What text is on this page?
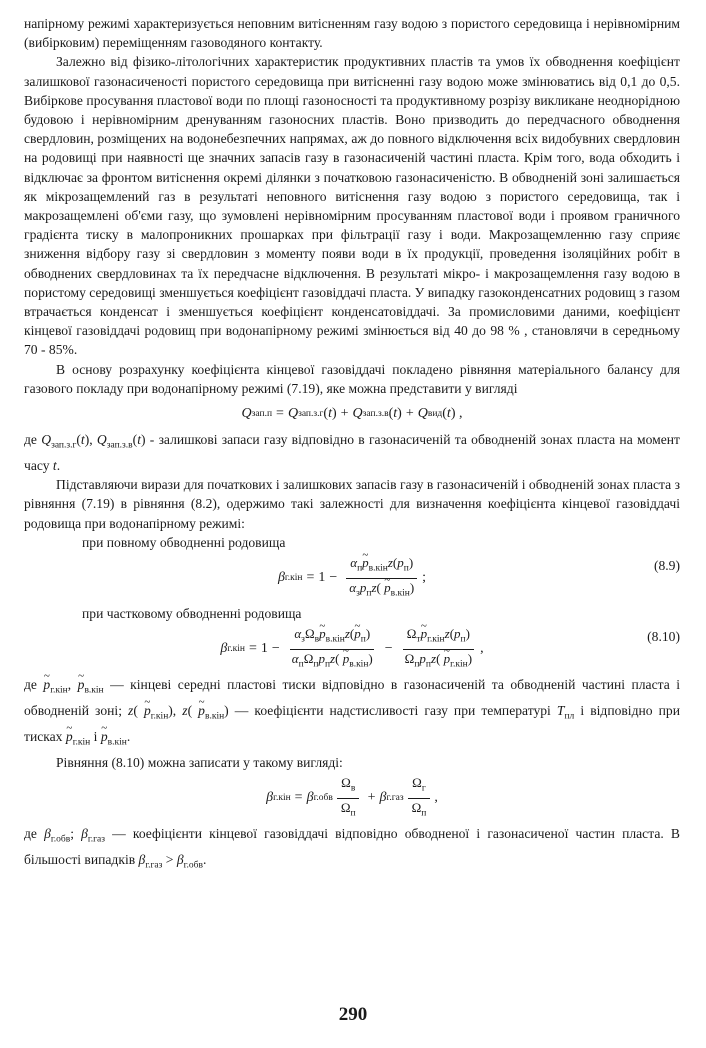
напірному режимі характеризується неповним витісненням газу водою з пористого середовища і нерівномірним (вибірковим) переміщенням газоводяного контакту.

Залежно від фізико-літологічних характеристик продуктивних пластів та умов їх обводнення коефіцієнт залишкової газонасиченості пористого середовища при витісненні газу водою може змінюватись від 0,1 до 0,5. Вибіркове просування пластової води по площі газоносності та продуктивному розрізу викликане неоднорідною будовою і нерівномірним дренуванням газоносних пластів. Воно призводить до передчасного обводнення свердловин, розміщених на водонебезпечних напрямах, аж до повного відключення всіх видобувних свердловин на родовищі при наявності ще значних запасів газу в газонасиченій частині пласта. Крім того, вода обходить і відключає за фронтом витіснення окремі ділянки з початковою газонасиченістю. В обводненій зоні залишається як мікрозащемлений газ в результаті неповного витіснення газу водою з пористого середовища, так і макрозащемлені об'єми газу, що зумовлені нерівномірним просуванням пластової води і проявом граничного градієнта тиску в малопроникних прошарках при фільтрації газу і води. Макрозащемленню газу сприяє зниження відбору газу зі свердловин з моменту появи води в їх продукції, проведення ізоляційних робіт в обводнених свердловинах та їх передчасне відключення. В результаті мікро- і макрозащемлення газу водою в пористому середовищі зменшується коефіцієнт газовіддачі пласта. У випадку газоконденсатних родовищ з газом втрачається конденсат і зменшується коефіцієнт конденсатовіддачі. За промисловими даними, коефіцієнт кінцевої газовіддачі родовищ при водонапірному режимі змінюється від 40 до 98 % , становлячи в середньому 70 - 85%.

В основу розрахунку коефіцієнта кінцевої газовіддачі покладено рівняння матеріального балансу для газового покладу при водонапірному режимі (7.19), яке можна представити у вигляді

Q зап.п = Q зап.з.г ( t ) + Q зап.з.в ( t ) + Q вид ( t ) ,

де $Q_{зап.з.г}(t)$, $Q_{зап.з.в}(t)$ - залишкові запаси газу відповідно в газонасиченій та обводненій зонах пласта на момент часу t.

Підставляючи вирази для початкових і залишкових запасів газу в газонасиченій і обводненій зонах пласта з рівняння (7.19) в рівняння (8.2), одержимо такі залежності для визначення коефіцієнта кінцевої газовіддачі родовища при водонапірному режимі:

при повному обводненні родовища

β $г.кін = 1 - \frac{\alpha_п\sim p_{в.кін}z(p_п)}{\alpha_зp_пz( \sim p_{в.кін})}$ ;
(8.9)

при частковому обводненні родовища

β $г.кін = 1 - \frac{\alpha_з\Omega_в\sim p_{в.кін}z(\sim p_п)}{\alpha_п\Omega_пp_пz( \sim p_{в.кін})} - \frac{\Omega_т\sim p_{г.кін}z(p_п)}{\Omega_пp_пz( \sim p_{г.кін})}$ ,
(8.10)

де ~ $p_{г.кін}$, ~ $p_{в.кін}$ — кінцеві середні пластові тиски відповідно в газонасиченій та обводненій частині пласта і обводненій зоні; z( ~ $p_{г.кін}$), z( ~ $p_{в.кін}$) — коефіцієнти надстисливості газу при температурі $T_{пл}$ і відповідно при тисках ~ $p_{г.кін}$ і ~ $p_{в.кін}$.

Рівняння (8.10) можна записати у такому вигляді:

β г.кін = β $г.обв \frac{\Omega_в}{\Omega_п} + \beta$ $г.газ \frac{\Omega_г}{\Omega_п}$ ,

де $\beta_{г.обв}$; $\beta_{г.газ}$ — коефіцієнти кінцевої газовіддачі відповідно обводненої і газонасиченої частин пласта. В більшості випадків $\beta_{г.газ} > \beta_{г.обв}$.

290
